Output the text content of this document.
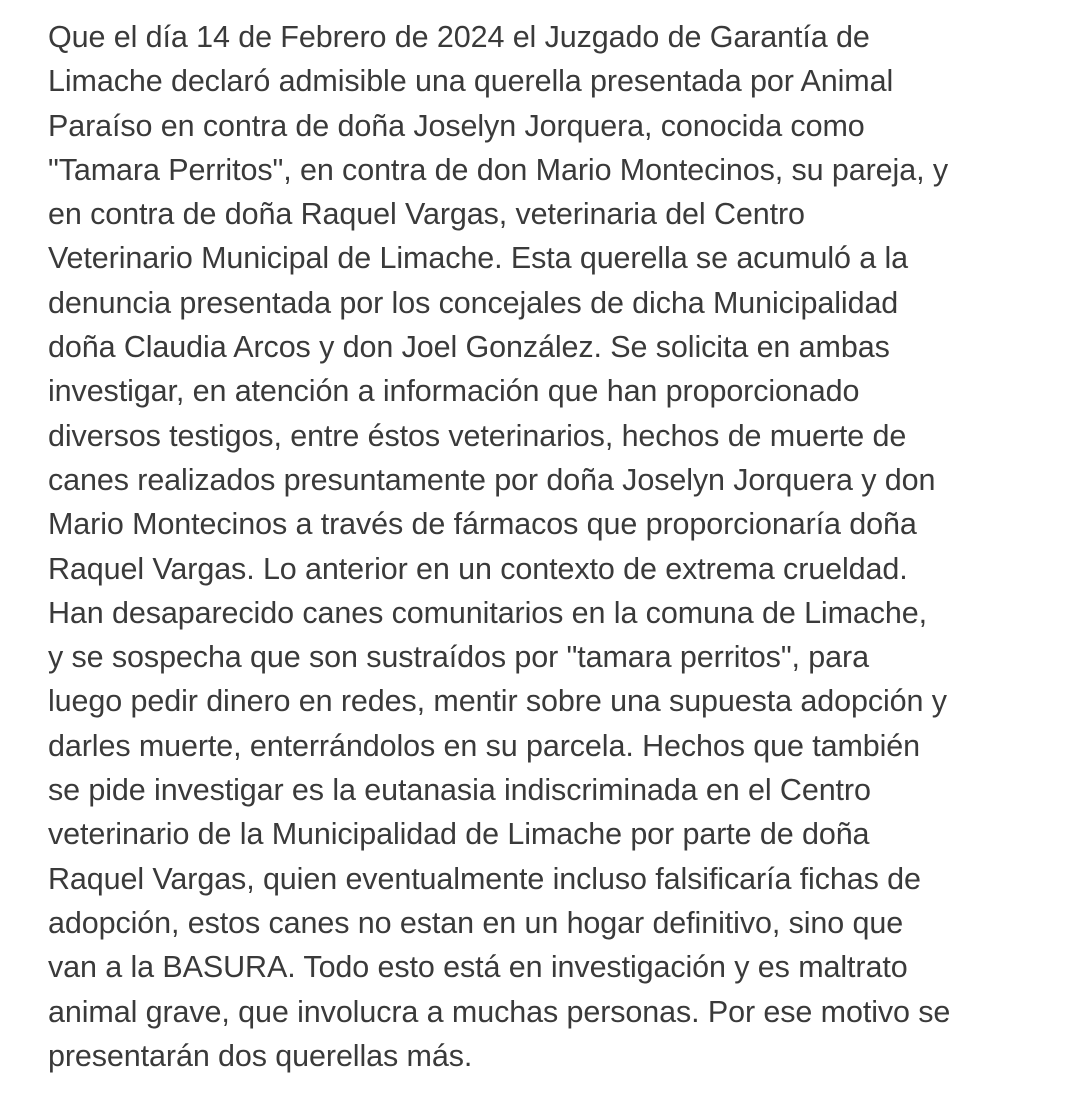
Que el día 14 de Febrero de 2024 el Juzgado de Garantía de
Limache declaró admisible una querella presentada por Animal
Paraíso en contra de doña Joselyn Jorquera, conocida como
"Tamara Perritos", en contra de don Mario Montecinos, su pareja, y
en contra de doña Raquel Vargas, veterinaria del Centro
Veterinario Municipal de Limache. Esta querella se acumuló a la
denuncia presentada por los concejales de dicha Municipalidad
doña Claudia Arcos y don Joel González. Se solicita en ambas
investigar, en atención a información que han proporcionado
diversos testigos, entre éstos veterinarios, hechos de muerte de
canes realizados presuntamente por doña Joselyn Jorquera y don
Mario Montecinos a través de fármacos que proporcionaría doña
Raquel Vargas. Lo anterior en un contexto de extrema crueldad.
Han desaparecido canes comunitarios en la comuna de Limache,
y se sospecha que son sustraídos por "tamara perritos", para
luego pedir dinero en redes, mentir sobre una supuesta adopción y
darles muerte, enterrándolos en su parcela. Hechos que también
se pide investigar es la eutanasia indiscriminada en el Centro
veterinario de la Municipalidad de Limache por parte de doña
Raquel Vargas, quien eventualmente incluso falsificaría fichas de
adopción, estos canes no estan en un hogar definitivo, sino que
van a la BASURA. Todo esto está en investigación y es maltrato
animal grave, que involucra a muchas personas. Por ese motivo se
presentarán dos querellas más.
